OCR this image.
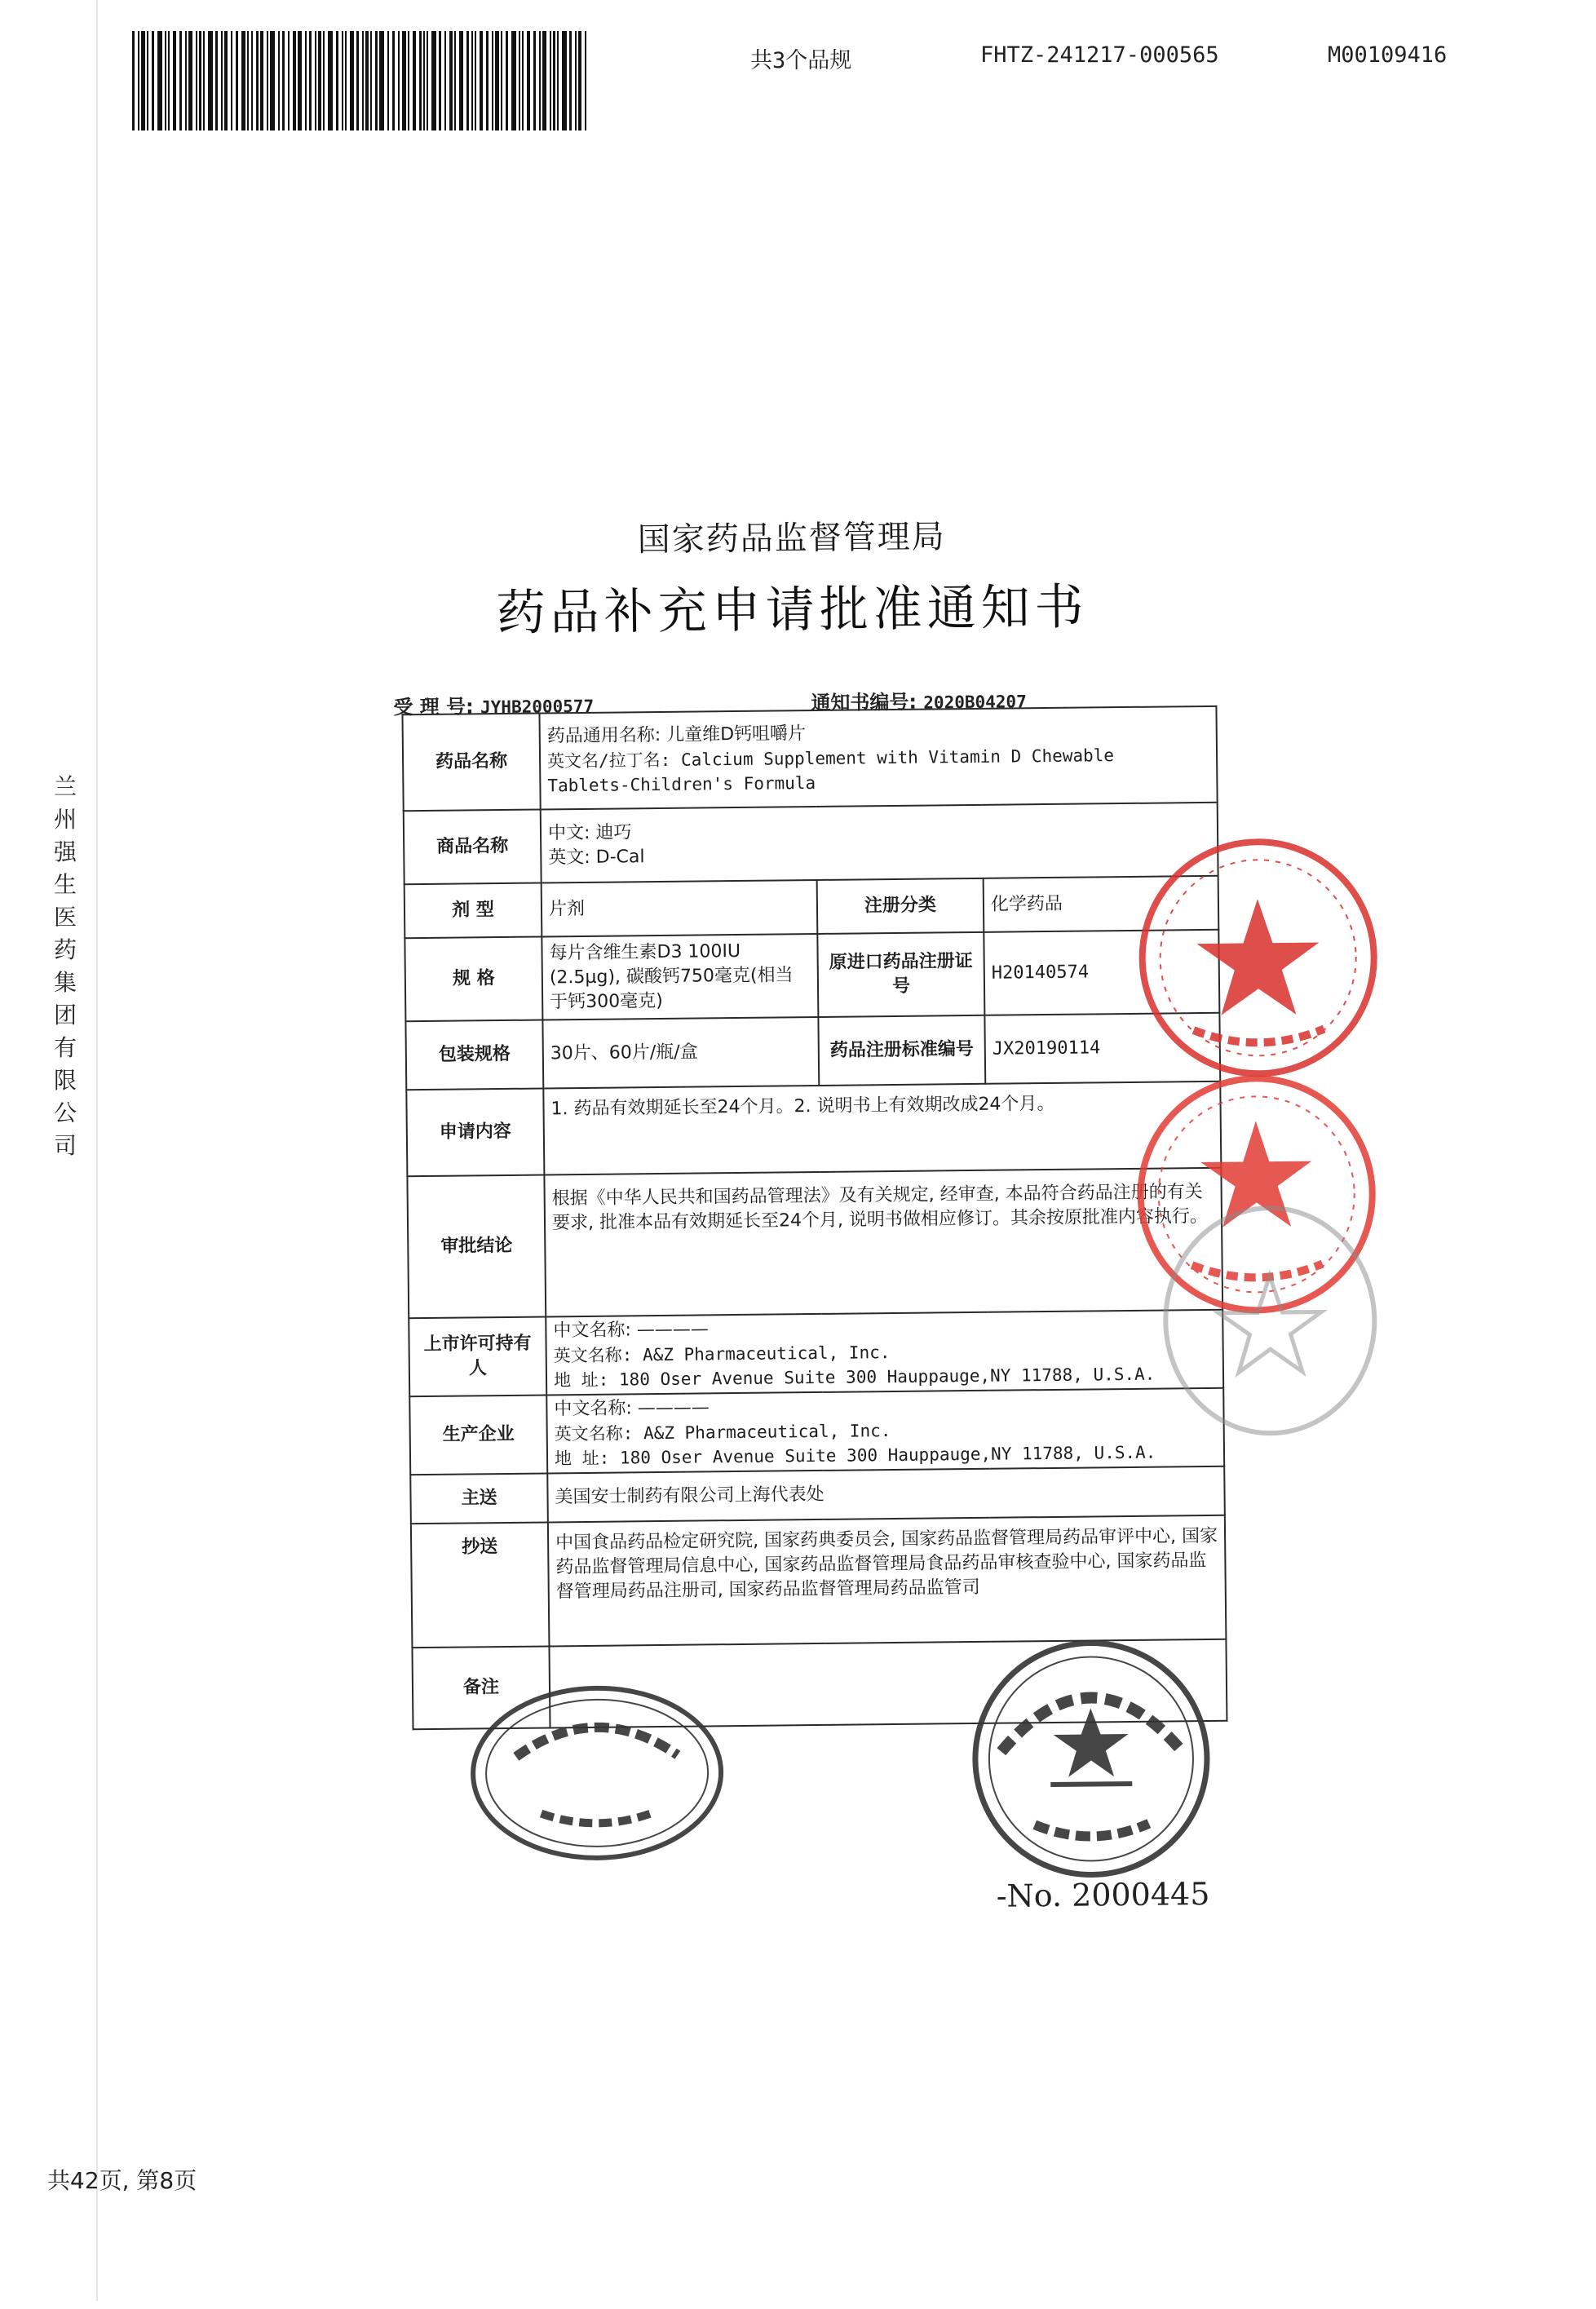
共3个品规	FHTZ-241217-000565	M00109416
兰州强生医药集团有限公司
共42页, 第8页
国家药品监督管理局
药品补充申请批准通知书
受 理 号: JYHB2000577	通知书编号: 2020B04207
药品名称	药品通用名称: 儿童维D钙咀嚼片
英文名/拉丁名: Calcium Supplement with Vitamin D Chewable
Tablets-Children's Formula		

商品名称	中文: 迪巧
英文: D-Cal		

剂 型	片剂	注册分类	化学药品
规 格	每片含维生素D3 100IU (2.5μg), 碳酸钙750毫克(相当于钙300毫克)	原进口药品注册证号	H20140574
包装规格	30片、60片/瓶/盒	药品注册标准编号	JX20190114
申请内容	1. 药品有效期延长至24个月。2. 说明书上有效期改成24个月。		
审批结论	根据《中华人民共和国药品管理法》及有关规定, 经审查, 本品符合药品注册的有关要求, 批准本品有效期延长至24个月, 说明书做相应修订。其余按原批准内容执行。		
上市许可持有人	中文名称: ————
英文名称: A&Z Pharmaceutical, Inc.
地 址: 180 Oser Avenue Suite 300 Hauppauge,NY 11788, U.S.A.		

生产企业	中文名称: ————
英文名称: A&Z Pharmaceutical, Inc.
地 址: 180 Oser Avenue Suite 300 Hauppauge,NY 11788, U.S.A.		

主送	美国安士制药有限公司上海代表处		
抄送	中国食品药品检定研究院, 国家药典委员会, 国家药品监督管理局药品审评中心, 国家药品监督管理局信息中心, 国家药品监督管理局食品药品审核查验中心, 国家药品监督管理局药品注册司, 国家药品监督管理局药品监管司		
备注			
-No. 2000445
